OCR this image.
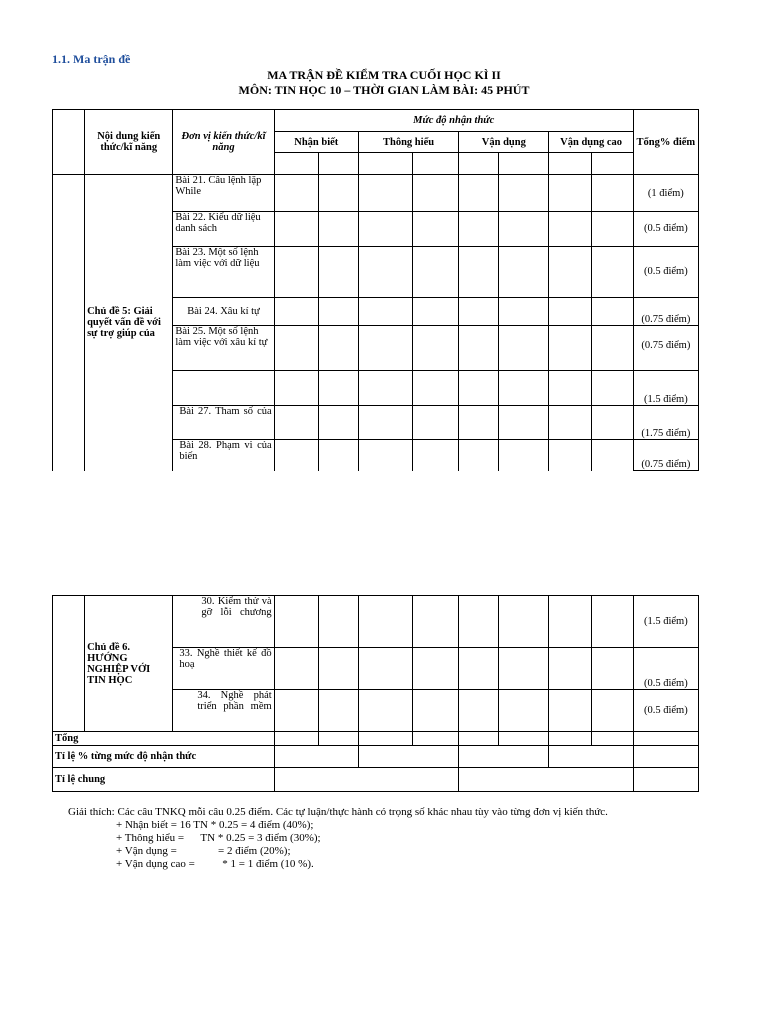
1.1. Ma trận đề
MA TRẬN ĐỀ KIỂM TRA CUỐI HỌC KÌ II
MÔN: TIN HỌC 10 – THỜI GIAN LÀM BÀI: 45 PHÚT
	Nội dung kiến thức/kĩ năng	Đơn vị kiến thức/kĩ năng	Mức độ nhận thức								Tổng% điểm
			Nhận biết		Thông hiểu		Vận dụng		Vận dụng cao		

	Chủ đề 5: Giải quyết vấn đề với sự trợ giúp của	Bài 21. Câu lệnh lặp While									(1 điểm)
		Bài 22. Kiểu dữ liệu danh sách									(0.5 điểm)
		Bài 23. Một số lệnh làm việc với dữ liệu									(0.5 điểm)
		Bài 24. Xâu kí tự									(0.75 điểm)
		Bài 25. Một số lệnh làm việc với xâu kí tự									(0.75 điểm)
											(1.5 điểm)
		Bài 27. Tham số của									(1.75 điểm)
		Bài 28. Phạm vi của biến									(0.75 điểm)
	Chủ đề 6. HƯỚNG NGHIỆP VỚI TIN HỌC	30. Kiểm thử và gỡ lỗi chương									(1.5 điểm)
		33. Nghề thiết kế đồ hoạ									(0.5 điểm)
		34. Nghề phát triển phần mềm									(0.5 điểm)
Tổng											
Tỉ lệ % từng mức độ nhận thức											
Tỉ lệ chung											
Giải thích: Các câu TNKQ mỗi câu 0.25 điểm. Các tự luận/thực hành có trọng số khác nhau tùy vào từng đơn vị kiến thức.
+ Nhận biết = 16 TN * 0.25 = 4 điểm (40%);
+ Thông hiểu =      TN * 0.25 = 3 điểm (30%);
+ Vận dụng =               = 2 điểm (20%);
+ Vận dụng cao =          * 1 = 1 điểm (10 %).
